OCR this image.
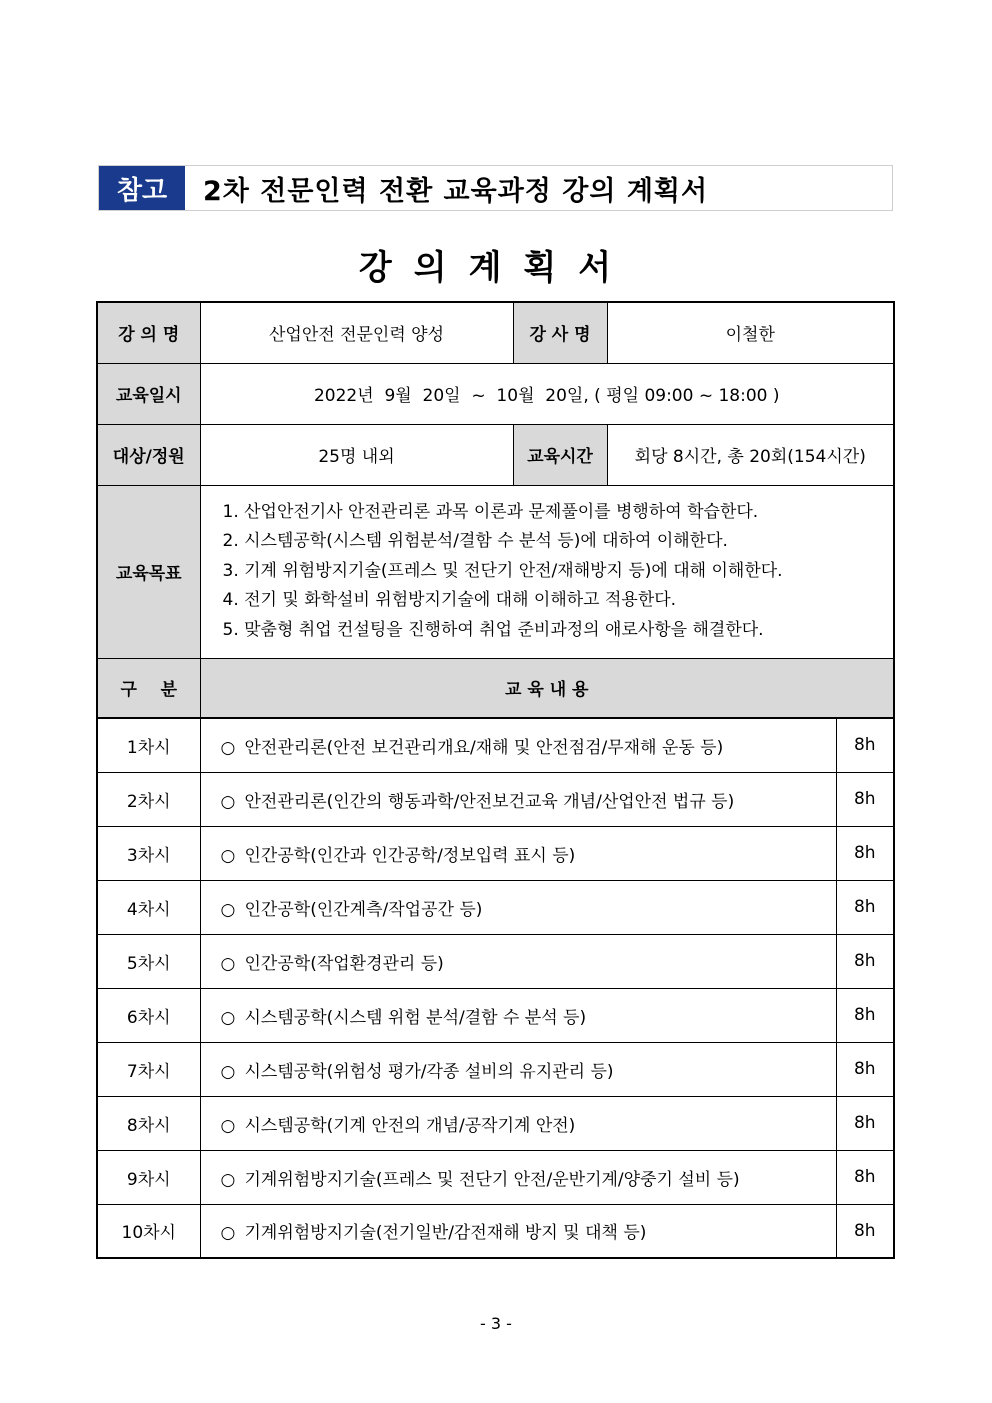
참고	2차 전문인력 전환 교육과정 강의 계획서
강의계획서
강 의 명	산업안전 전문인력 양성	강 사 명	이철한	
교육일시	2022년  9월  20일  ~  10월  20일, ( 평일 09:00 ~ 18:00 )			
대상/정원	25명 내외	교육시간	회당 8시간, 총 20회(154시간)	
교육목표	1. 산업안전기사 안전관리론 과목 이론과 문제풀이를 병행하여 학습한다.
2. 시스템공학(시스템 위험분석/결함 수 분석 등)에 대하여 이해한다.
3. 기계 위험방지기술(프레스 및 전단기 안전/재해방지 등)에 대해 이해한다.
4. 전기 및 화학설비 위험방지기술에 대해 이해하고 적용한다.
5. 맞춤형 취업 컨설팅을 진행하여 취업 준비과정의 애로사항을 해결한다.			

구    분	교 육 내 용			
1차시	○ 안전관리론(안전 보건관리개요/재해 및 안전점검/무재해 운동 등)			8h
2차시	○ 안전관리론(인간의 행동과학/안전보건교육 개념/산업안전 법규 등)			8h
3차시	○ 인간공학(인간과 인간공학/정보입력 표시 등)			8h
4차시	○ 인간공학(인간계측/작업공간 등)			8h
5차시	○ 인간공학(작업환경관리 등)			8h
6차시	○ 시스템공학(시스템 위험 분석/결함 수 분석 등)			8h
7차시	○ 시스템공학(위험성 평가/각종 설비의 유지관리 등)			8h
8차시	○ 시스템공학(기계 안전의 개념/공작기계 안전)			8h
9차시	○ 기계위험방지기술(프레스 및 전단기 안전/운반기계/양중기 설비 등)			8h
10차시	○ 기계위험방지기술(전기일반/감전재해 방지 및 대책 등)			8h
- 3 -
